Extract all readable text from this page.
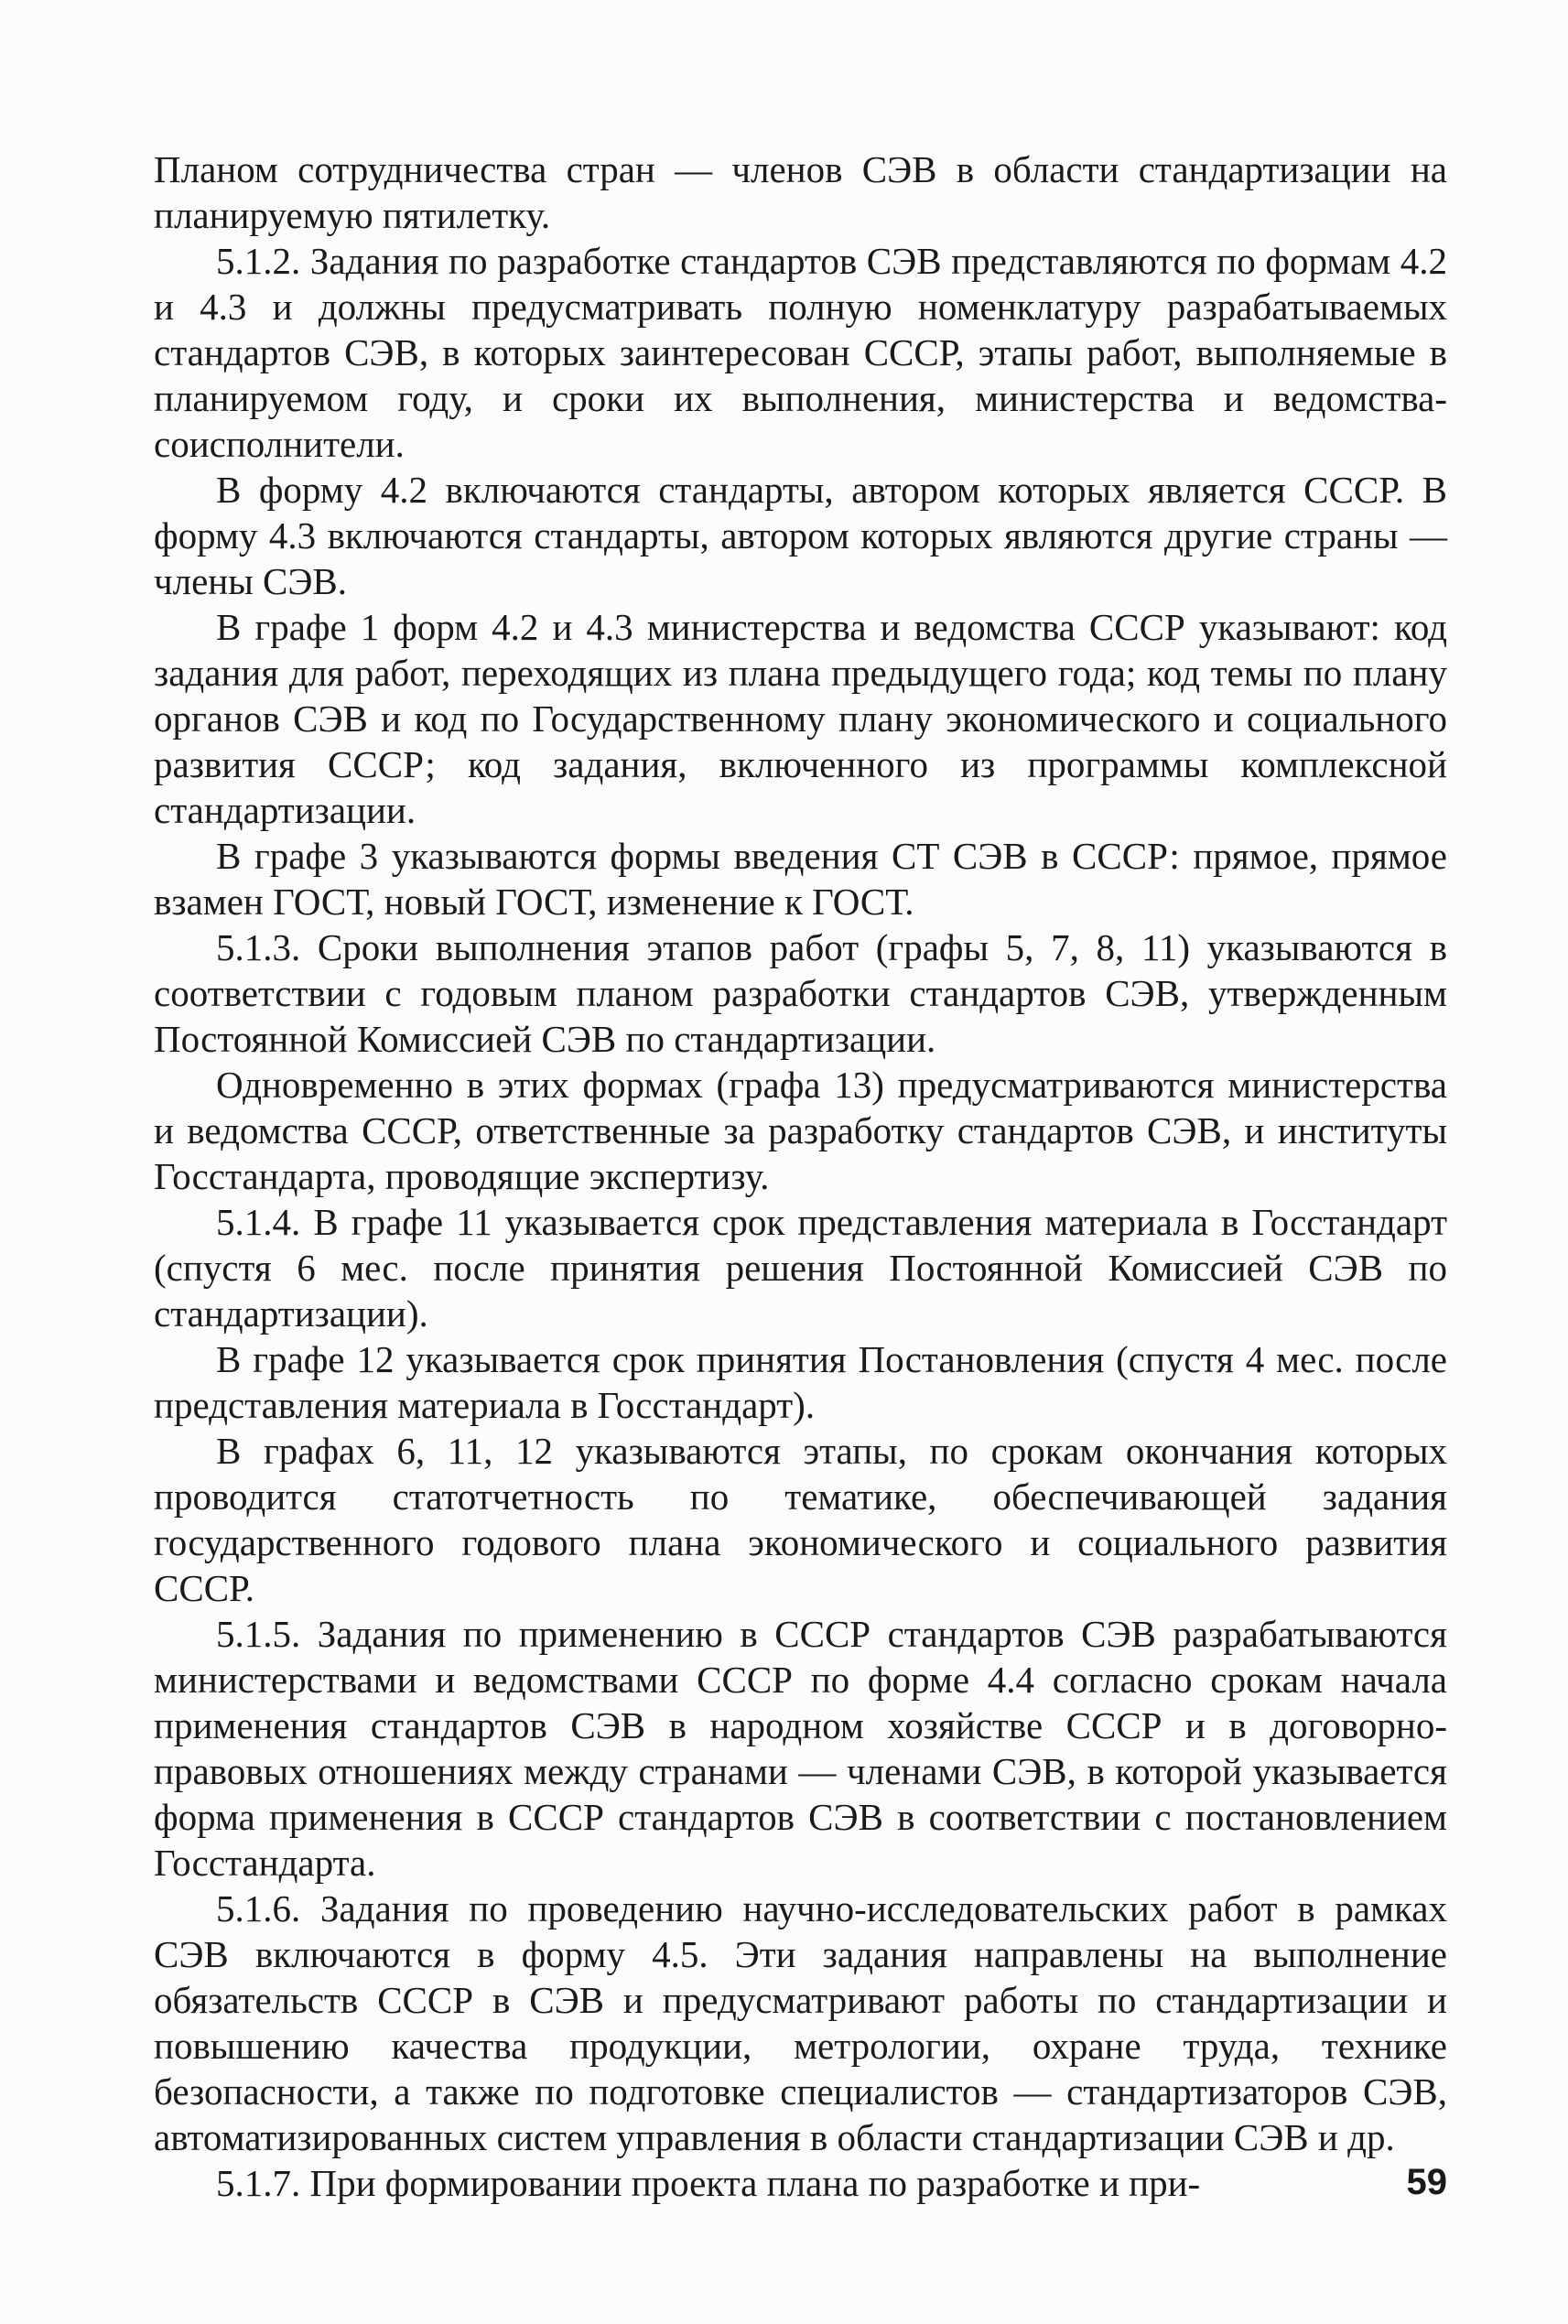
Планом сотрудничества стран — членов СЭВ в области стандартизации на планируемую пятилетку.

5.1.2. Задания по разработке стандартов СЭВ представляются по формам 4.2 и 4.3 и должны предусматривать полную номенклатуру разрабатываемых стандартов СЭВ, в которых заинтересован СССР, этапы работ, выполняемые в планируемом году, и сроки их выполнения, министерства и ведомства-соисполнители.

В форму 4.2 включаются стандарты, автором которых является СССР. В форму 4.3 включаются стандарты, автором которых являются другие страны — члены СЭВ.

В графе 1 форм 4.2 и 4.3 министерства и ведомства СССР указывают: код задания для работ, переходящих из плана предыдущего года; код темы по плану органов СЭВ и код по Государственному плану экономического и социального развития СССР; код задания, включенного из программы комплексной стандартизации.

В графе 3 указываются формы введения СТ СЭВ в СССР: прямое, прямое взамен ГОСТ, новый ГОСТ, изменение к ГОСТ.

5.1.3. Сроки выполнения этапов работ (графы 5, 7, 8, 11) указываются в соответствии с годовым планом разработки стандартов СЭВ, утвержденным Постоянной Комиссией СЭВ по стандартизации.

Одновременно в этих формах (графа 13) предусматриваются министерства и ведомства СССР, ответственные за разработку стандартов СЭВ, и институты Госстандарта, проводящие экспертизу.

5.1.4. В графе 11 указывается срок представления материала в Госстандарт (спустя 6 мес. после принятия решения Постоянной Комиссией СЭВ по стандартизации).

В графе 12 указывается срок принятия Постановления (спустя 4 мес. после представления материала в Госстандарт).

В графах 6, 11, 12 указываются этапы, по срокам окончания которых проводится статотчетность по тематике, обеспечивающей задания государственного годового плана экономического и социального развития СССР.

5.1.5. Задания по применению в СССР стандартов СЭВ разрабатываются министерствами и ведомствами СССР по форме 4.4 согласно срокам начала применения стандартов СЭВ в народном хозяйстве СССР и в договорно-правовых отношениях между странами — членами СЭВ, в которой указывается форма применения в СССР стандартов СЭВ в соответствии с постановлением Госстандарта.

5.1.6. Задания по проведению научно-исследовательских работ в рамках СЭВ включаются в форму 4.5. Эти задания направлены на выполнение обязательств СССР в СЭВ и предусматривают работы по стандартизации и повышению качества продукции, метрологии, охране труда, технике безопасности, а также по подготовке специалистов — стандартизаторов СЭВ, автоматизированных систем управления в области стандартизации СЭВ и др.

5.1.7. При формировании проекта плана по разработке и при-	59
